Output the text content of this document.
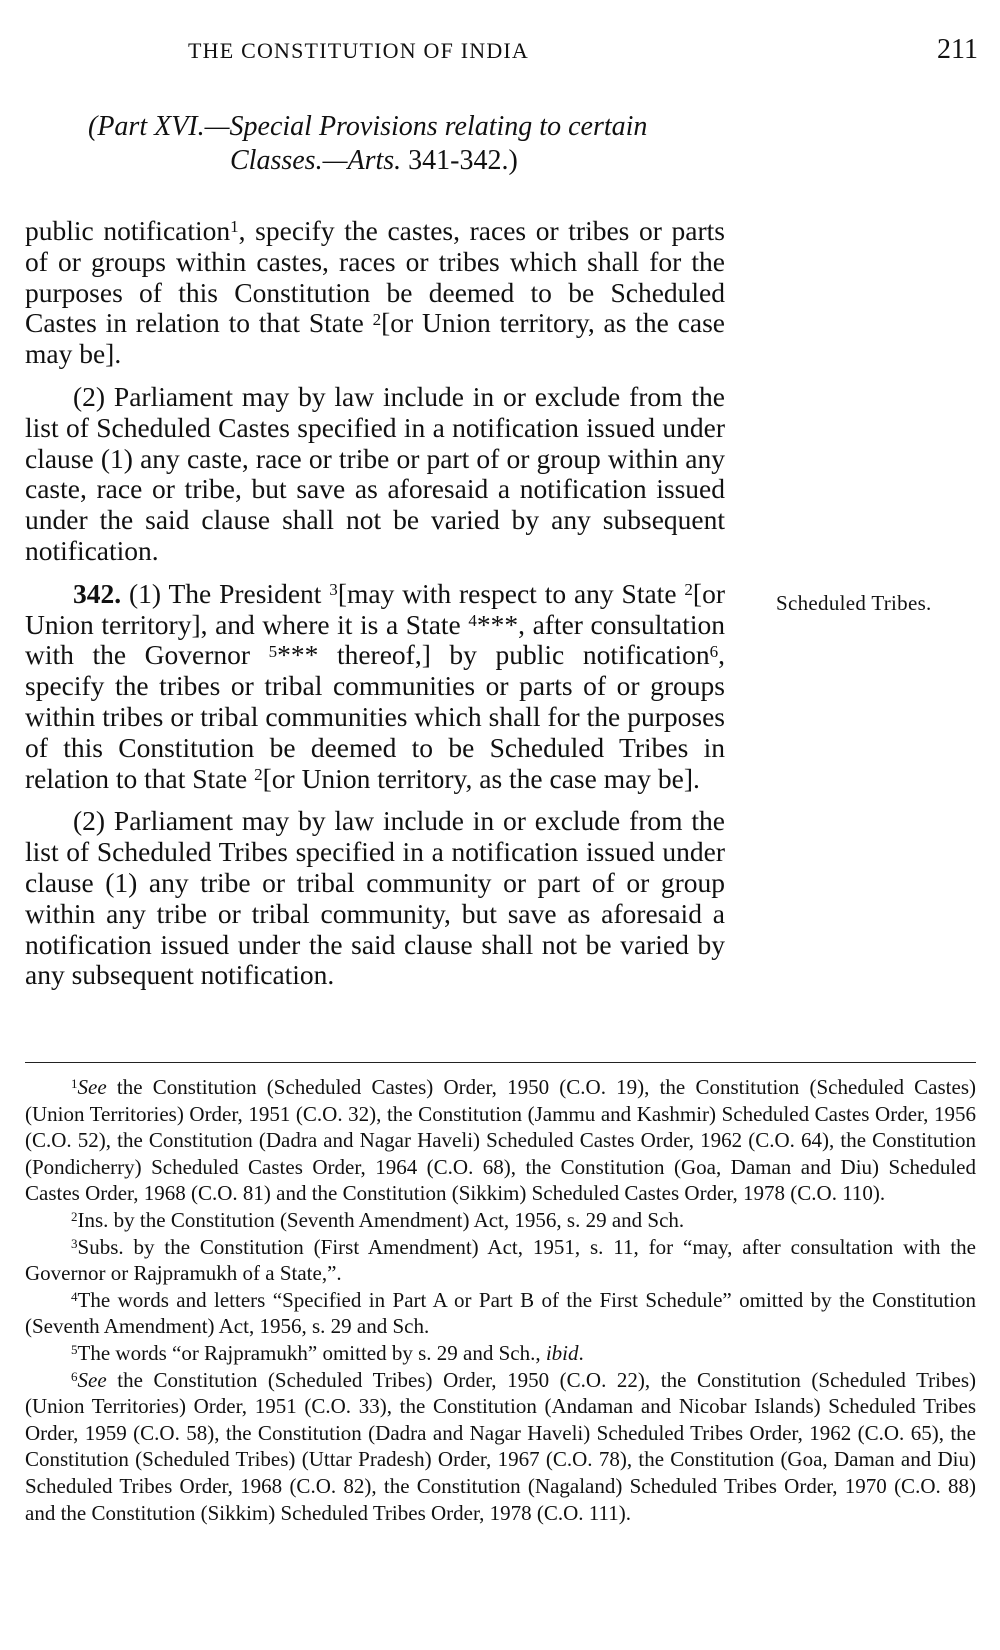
THE CONSTITUTION OF INDIA	211
(Part XVI.—Special Provisions relating to certain
Classes.—Arts. 341-342.)

public notification$^1$, specify the castes, races or tribes or parts of or groups within castes, races or tribes which shall for the purposes of this Constitution be deemed to be Scheduled Castes in relation to that State $^2$[or Union territory, as the case may be].

(2) Parliament may by law include in or exclude from the list of Scheduled Castes specified in a notification issued under clause (1) any caste, race or tribe or part of or group within any caste, race or tribe, but save as aforesaid a notification issued under the said clause shall not be varied by any subsequent notification.

342. (1) The President $^3$[may with respect to any State $^2$[or Union territory], and where it is a State $^4$***, after consultation with the Governor $^5$*** thereof,] by public notification$^6$, specify the tribes or tribal communities or parts of or groups within tribes or tribal communities which shall for the purposes of this Constitution be deemed to be Scheduled Tribes in relation to that State $^2$[or Union territory, as the case may be].

(2) Parliament may by law include in or exclude from the list of Scheduled Tribes specified in a notification issued under clause (1) any tribe or tribal community or part of or group within any tribe or tribal community, but save as aforesaid a notification issued under the said clause shall not be varied by any subsequent notification.

Scheduled Tribes.

$^1$See the Constitution (Scheduled Castes) Order, 1950 (C.O. 19), the Constitution (Scheduled Castes) (Union Territories) Order, 1951 (C.O. 32), the Constitution (Jammu and Kashmir) Scheduled Castes Order, 1956 (C.O. 52), the Constitution (Dadra and Nagar Haveli) Scheduled Castes Order, 1962 (C.O. 64), the Constitution (Pondicherry) Scheduled Castes Order, 1964 (C.O. 68), the Constitution (Goa, Daman and Diu) Scheduled Castes Order, 1968 (C.O. 81) and the Constitution (Sikkim) Scheduled Castes Order, 1978 (C.O. 110).

$^2$Ins. by the Constitution (Seventh Amendment) Act, 1956, s. 29 and Sch.

$^3$Subs. by the Constitution (First Amendment) Act, 1951, s. 11, for “may, after consultation with the Governor or Rajpramukh of a State,”.

$^4$The words and letters “Specified in Part A or Part B of the First Schedule” omitted by the Constitution (Seventh Amendment) Act, 1956, s. 29 and Sch.

$^5$The words “or Rajpramukh” omitted by s. 29 and Sch., ibid.

$^6$See the Constitution (Scheduled Tribes) Order, 1950 (C.O. 22), the Constitution (Scheduled Tribes) (Union Territories) Order, 1951 (C.O. 33), the Constitution (Andaman and Nicobar Islands) Scheduled Tribes Order, 1959 (C.O. 58), the Constitution (Dadra and Nagar Haveli) Scheduled Tribes Order, 1962 (C.O. 65), the Constitution (Scheduled Tribes) (Uttar Pradesh) Order, 1967 (C.O. 78), the Constitution (Goa, Daman and Diu) Scheduled Tribes Order, 1968 (C.O. 82), the Constitution (Nagaland) Scheduled Tribes Order, 1970 (C.O. 88) and the Constitution (Sikkim) Scheduled Tribes Order, 1978 (C.O. 111).
